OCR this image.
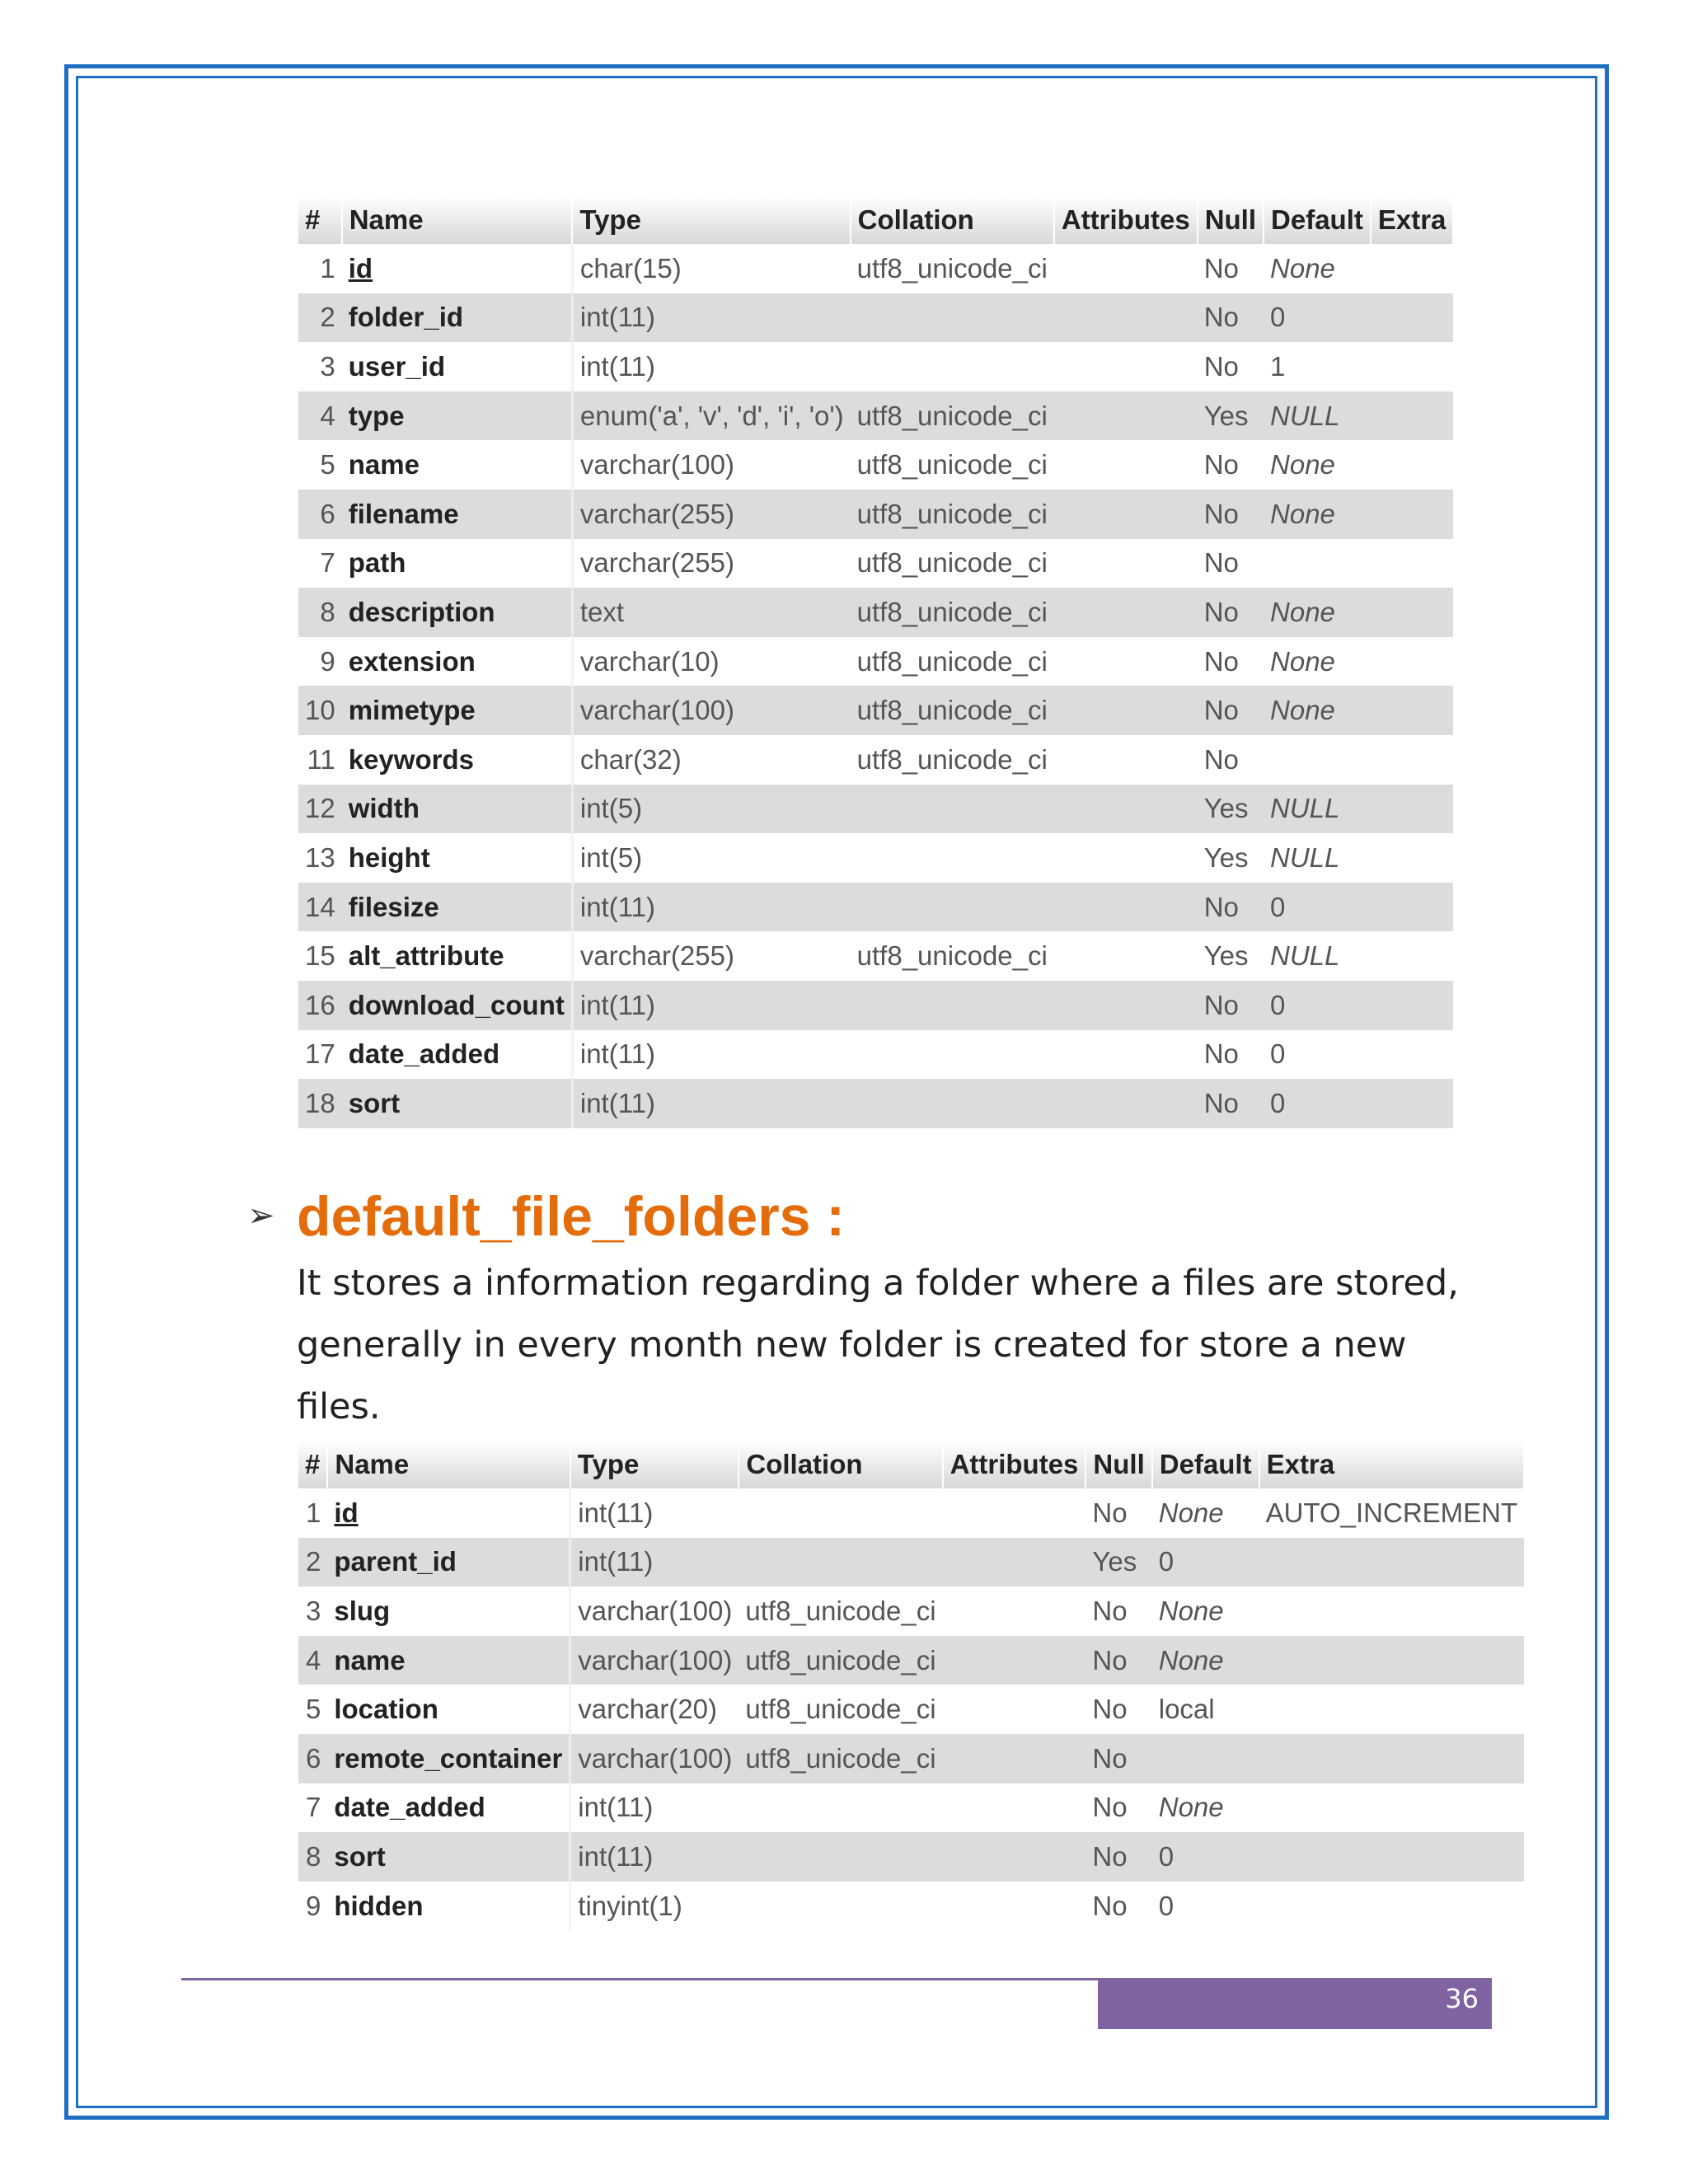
#	Name	Type	Collation	Attributes	Null	Default	Extra
1	id	char(15)	utf8_unicode_ci		No	None	
2	folder_id	int(11)			No	0	
3	user_id	int(11)			No	1	
4	type	enum('a', 'v', 'd', 'i', 'o')	utf8_unicode_ci		Yes	NULL	
5	name	varchar(100)	utf8_unicode_ci		No	None	
6	filename	varchar(255)	utf8_unicode_ci		No	None	
7	path	varchar(255)	utf8_unicode_ci		No		
8	description	text	utf8_unicode_ci		No	None	
9	extension	varchar(10)	utf8_unicode_ci		No	None	
10	mimetype	varchar(100)	utf8_unicode_ci		No	None	
11	keywords	char(32)	utf8_unicode_ci		No		
12	width	int(5)			Yes	NULL	
13	height	int(5)			Yes	NULL	
14	filesize	int(11)			No	0	
15	alt_attribute	varchar(255)	utf8_unicode_ci		Yes	NULL	
16	download_count	int(11)			No	0	
17	date_added	int(11)			No	0	
18	sort	int(11)			No	0	
➢ default_file_folders :

It stores a information regarding a folder where a files are stored, generally in every month new folder is created for store a new files.

#	Name	Type	Collation	Attributes	Null	Default	Extra
1	id	int(11)			No	None	AUTO_INCREMENT
2	parent_id	int(11)			Yes	0	
3	slug	varchar(100)	utf8_unicode_ci		No	None	
4	name	varchar(100)	utf8_unicode_ci		No	None	
5	location	varchar(20)	utf8_unicode_ci		No	local	
6	remote_container	varchar(100)	utf8_unicode_ci		No		
7	date_added	int(11)			No	None	
8	sort	int(11)			No	0	
9	hidden	tinyint(1)			No	0	
36
